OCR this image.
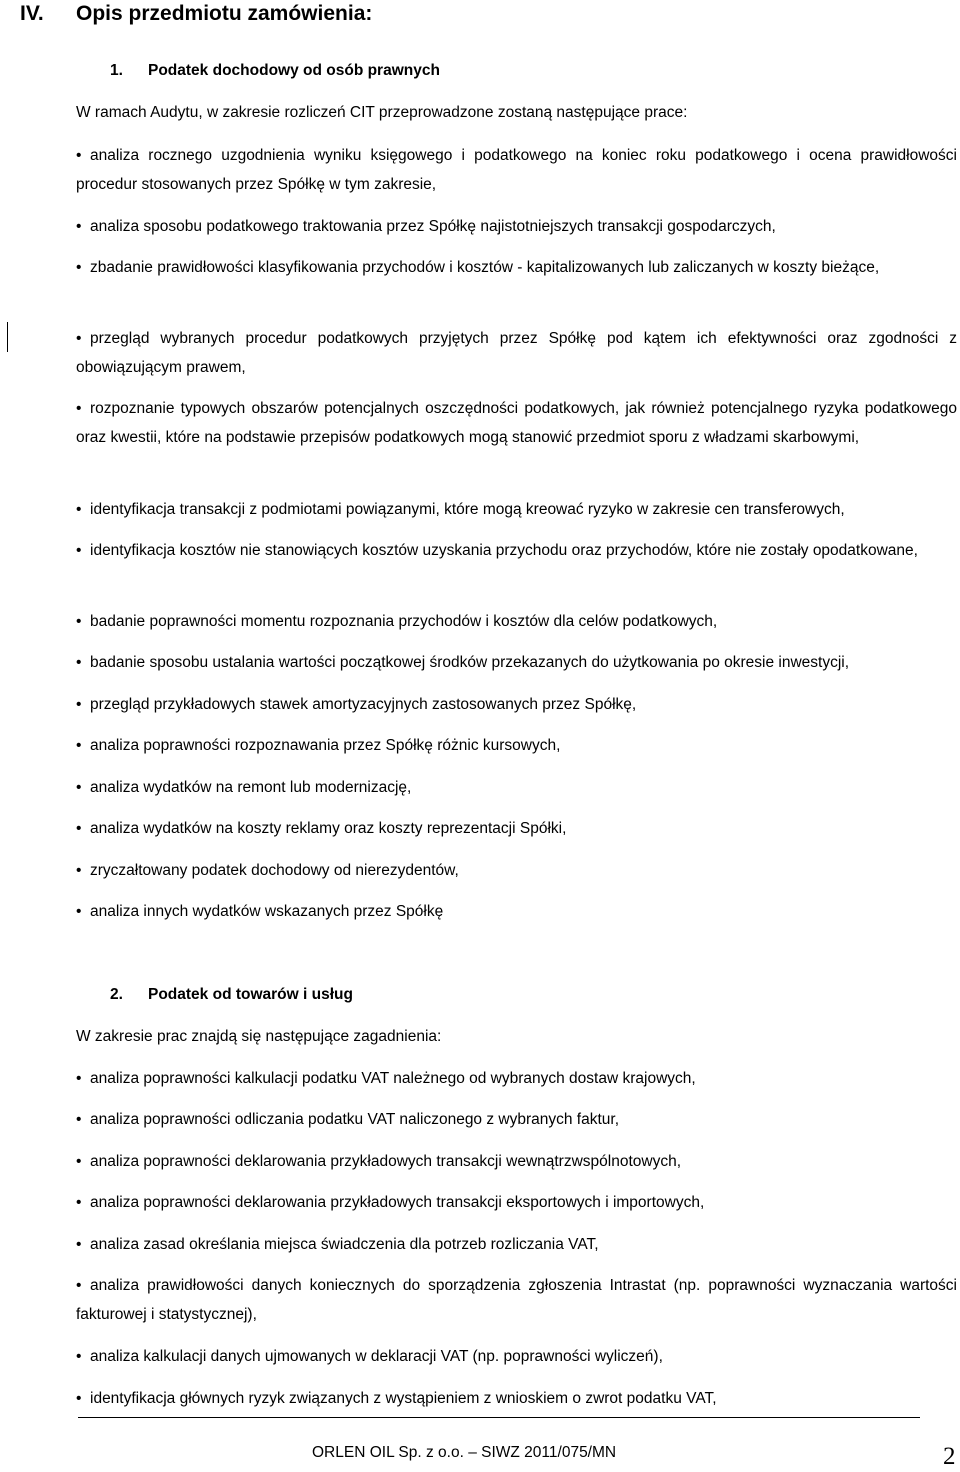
IV. Opis przedmiotu zamówienia:
1. Podatek dochodowy od osób prawnych
W ramach Audytu, w zakresie rozliczeń CIT przeprowadzone zostaną następujące prace:
• analiza rocznego uzgodnienia wyniku księgowego i podatkowego na koniec roku podatkowego i ocena prawidłowości procedur stosowanych przez Spółkę w tym zakresie,
• analiza sposobu podatkowego traktowania przez Spółkę najistotniejszych transakcji gospodarczych,
• zbadanie prawidłowości klasyfikowania przychodów i kosztów - kapitalizowanych lub zaliczanych w koszty bieżące,
• przegląd wybranych procedur podatkowych przyjętych przez Spółkę pod kątem ich efektywności oraz zgodności z obowiązującym prawem,
• rozpoznanie typowych obszarów potencjalnych oszczędności podatkowych, jak również potencjalnego ryzyka podatkowego oraz kwestii, które na podstawie przepisów podatkowych mogą stanowić przedmiot sporu z władzami skarbowymi,
• identyfikacja transakcji z podmiotami powiązanymi, które mogą kreować ryzyko w zakresie cen transferowych,
• identyfikacja kosztów nie stanowiących kosztów uzyskania przychodu oraz przychodów, które nie zostały opodatkowane,
• badanie poprawności momentu rozpoznania przychodów i kosztów dla celów podatkowych,
• badanie sposobu ustalania wartości początkowej środków przekazanych do użytkowania po okresie inwestycji,
• przegląd przykładowych stawek amortyzacyjnych zastosowanych przez Spółkę,
• analiza poprawności rozpoznawania przez Spółkę różnic kursowych,
• analiza wydatków na remont lub modernizację,
• analiza wydatków na koszty reklamy oraz koszty reprezentacji Spółki,
• zryczałtowany podatek dochodowy od nierezydentów,
• analiza innych wydatków wskazanych przez Spółkę
2. Podatek od towarów i usług
W zakresie prac znajdą się następujące zagadnienia:
• analiza poprawności kalkulacji podatku VAT należnego od wybranych dostaw krajowych,
• analiza poprawności odliczania podatku VAT naliczonego z wybranych faktur,
• analiza poprawności deklarowania przykładowych transakcji wewnątrzwspólnotowych,
• analiza poprawności deklarowania przykładowych transakcji eksportowych i importowych,
• analiza zasad określania miejsca świadczenia dla potrzeb rozliczania VAT,
• analiza prawidłowości danych koniecznych do sporządzenia zgłoszenia Intrastat (np. poprawności wyznaczania wartości fakturowej i statystycznej),
• analiza kalkulacji danych ujmowanych w deklaracji VAT (np. poprawności wyliczeń),
• identyfikacja głównych ryzyk związanych z wystąpieniem z wnioskiem o zwrot podatku VAT,
ORLEN OIL Sp. z o.o. – SIWZ 2011/075/MN	2
